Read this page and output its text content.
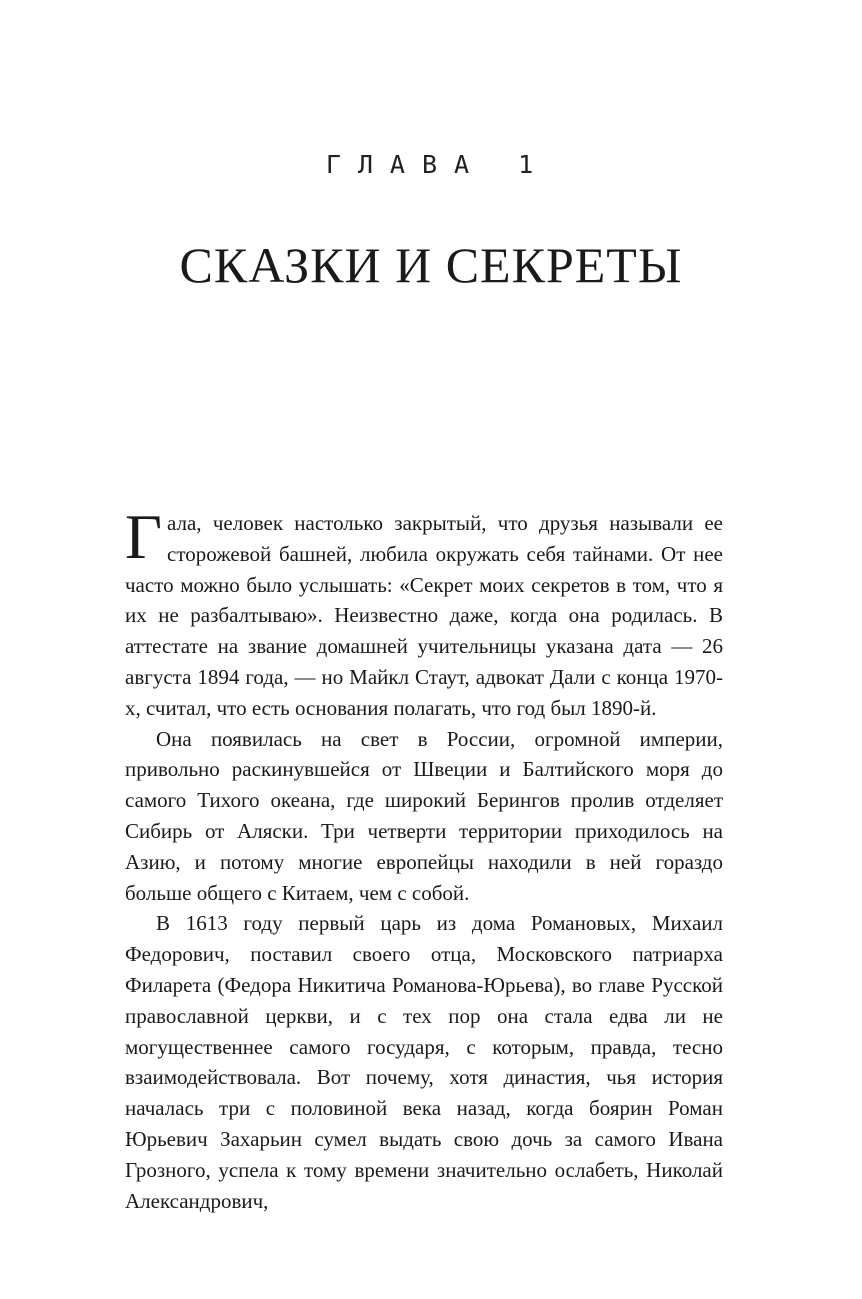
ГЛАВА 1
СКАЗКИ И СЕКРЕТЫ

Гала, человек настолько закрытый, что друзья называли ее сторожевой башней, любила окружать себя тайнами. От нее часто можно было услышать: «Секрет моих секретов в том, что я их не разбалтываю». Неизвестно даже, когда она родилась. В аттестате на звание домашней учительницы указана дата — 26 августа 1894 года, — но Майкл Стаут, адвокат Дали с конца 1970-х, считал, что есть основания полагать, что год был 1890-й.

Она появилась на свет в России, огромной империи, привольно раскинувшейся от Швеции и Балтийского моря до самого Тихого океана, где широкий Берингов пролив отделяет Сибирь от Аляски. Три четверти территории приходилось на Азию, и потому многие европейцы находили в ней гораздо больше общего с Китаем, чем с собой.

В 1613 году первый царь из дома Романовых, Михаил Федорович, поставил своего отца, Московского патриарха Филарета (Федора Никитича Романова-Юрьева), во главе Русской православной церкви, и с тех пор она стала едва ли не могущественнее самого государя, с которым, правда, тесно взаимодействовала. Вот почему, хотя династия, чья история началась три с половиной века назад, когда боярин Роман Юрьевич Захарьин сумел выдать свою дочь за самого Ивана Грозного, успела к тому времени значительно ослабеть, Николай Александрович,
